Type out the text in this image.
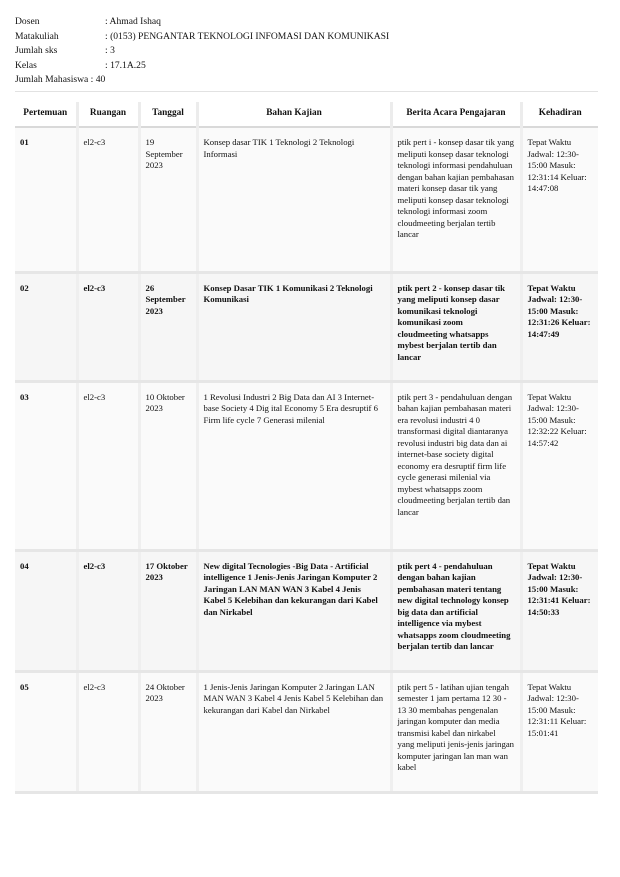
Dosen	: Ahmad Ishaq
Matakuliah	: (0153) PENGANTAR TEKNOLOGI INFOMASI DAN KOMUNIKASI
Jumlah sks	: 3
Kelas	: 17.1A.25
Jumlah Mahasiswa : 40
Pertemuan	Ruangan	Tanggal	Bahan Kajian	Berita Acara Pengajaran	Kehadiran
01	el2-c3	19 September 2023	Konsep dasar TIK 1 Teknologi 2 Teknologi Informasi	ptik pert i - konsep dasar tik yang meliputi konsep dasar teknologi teknologi informasi pendahuluan dengan bahan kajian pembahasan materi konsep dasar tik yang meliputi konsep dasar teknologi teknologi informasi zoom cloudmeeting berjalan tertib lancar	Tepat Waktu Jadwal: 12:30-15:00 Masuk: 12:31:14 Keluar: 14:47:08
02	el2-c3	26 September 2023	Konsep Dasar TIK 1 Komunikasi 2 Teknologi Komunikasi	ptik pert 2 - konsep dasar tik yang meliputi konsep dasar komunikasi teknologi komunikasi zoom cloudmeeting whatsapps mybest berjalan tertib dan lancar	Tepat Waktu Jadwal: 12:30-15:00 Masuk: 12:31:26 Keluar: 14:47:49
03	el2-c3	10 Oktober 2023	1 Revolusi Industri 2 Big Data dan AI 3 Internet-base Society 4 Dig ital Economy 5 Era desruptif 6 Firm life cycle 7 Generasi milenial	ptik pert 3 - pendahuluan dengan bahan kajian pembahasan materi era revolusi industri 4 0 transformasi digital diantaranya revolusi industri big data dan ai internet-base society digital economy era desruptif firm life cycle generasi milenial via mybest whatsapps zoom cloudmeeting berjalan tertib dan lancar	Tepat Waktu Jadwal: 12:30-15:00 Masuk: 12:32:22 Keluar: 14:57:42
04	el2-c3	17 Oktober 2023	New digital Tecnologies -Big Data - Artificial intelligence 1 Jenis-Jenis Jaringan Komputer 2 Jaringan LAN MAN WAN 3 Kabel 4 Jenis Kabel 5 Kelebihan dan kekurangan dari Kabel dan Nirkabel	ptik pert 4 - pendahuluan dengan bahan kajian pembahasan materi tentang new digital technology konsep big data dan artificial intelligence via mybest whatsapps zoom cloudmeeting berjalan tertib dan lancar	Tepat Waktu Jadwal: 12:30-15:00 Masuk: 12:31:41 Keluar: 14:50:33
05	el2-c3	24 Oktober 2023	1 Jenis-Jenis Jaringan Komputer 2 Jaringan LAN MAN WAN 3 Kabel 4 Jenis Kabel 5 Kelebihan dan kekurangan dari Kabel dan Nirkabel	ptik pert 5 - latihan ujian tengah semester 1 jam pertama 12 30 - 13 30 membahas pengenalan jaringan komputer dan media transmisi kabel dan nirkabel yang meliputi jenis-jenis jaringan komputer jaringan lan man wan kabel	Tepat Waktu Jadwal: 12:30-15:00 Masuk: 12:31:11 Keluar: 15:01:41
